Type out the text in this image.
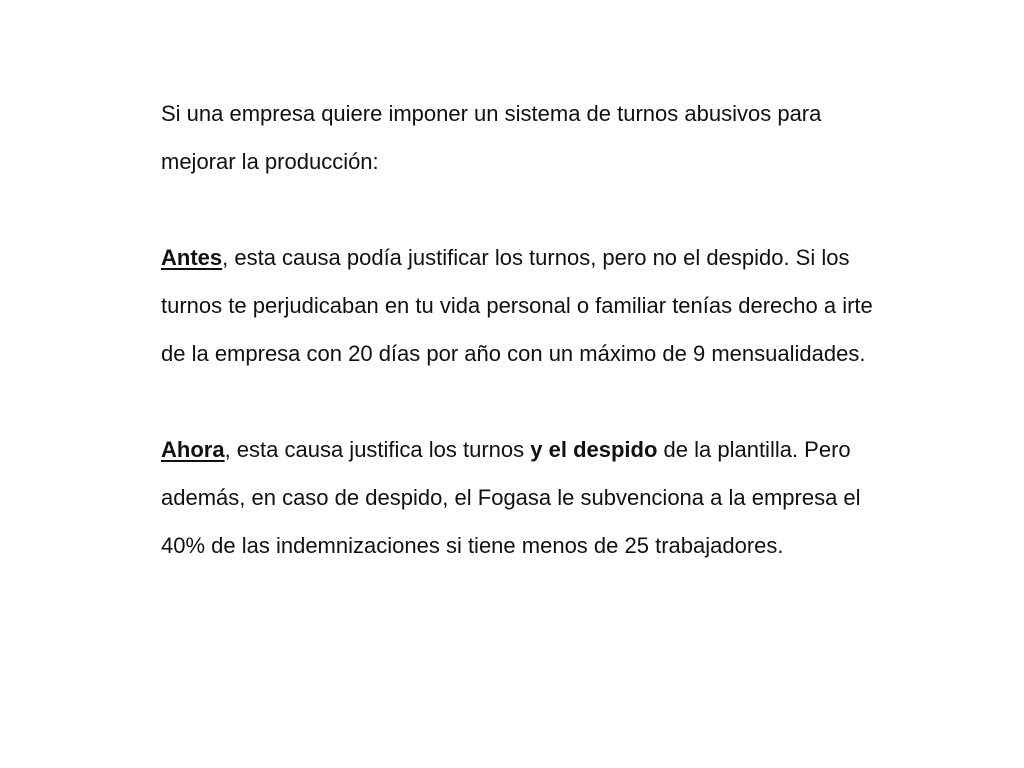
Si una empresa quiere imponer un sistema de turnos abusivos para mejorar la producción:

Antes, esta causa podía justificar los turnos, pero no el despido. Si los turnos te perjudicaban en tu vida personal o familiar tenías derecho a irte de la empresa con 20 días por año con un máximo de 9 mensualidades.

Ahora, esta causa justifica los turnos y el despido de la plantilla. Pero además, en caso de despido, el Fogasa le subvenciona a la empresa el 40% de las indemnizaciones si tiene menos de 25 trabajadores.
